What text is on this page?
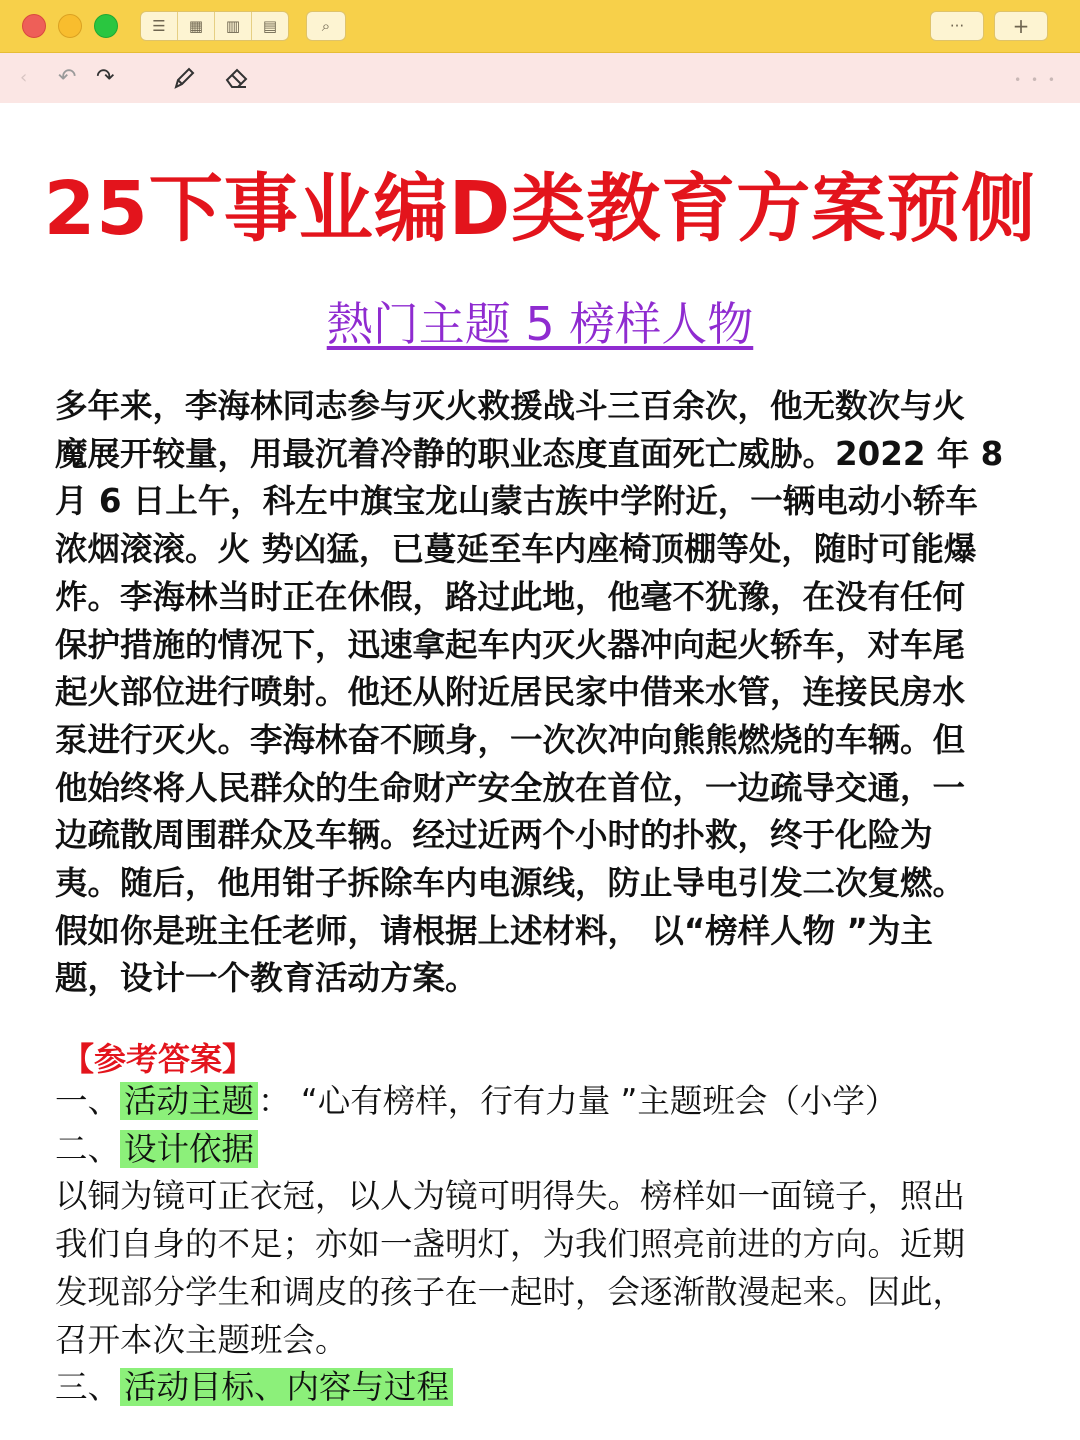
☰	▦	▥	▤	⌕	··· +
‹ ↶ ↷	• • •
25下事业编D类教育方案预侧
熱门主题 5 榜样人物
多年来，李海林同志参与灭火救援战斗三百余次，他无数次与火
魔展开较量，用最沉着冷静的职业态度直面死亡威胁。2022 年 8
月 6 日上午，科左中旗宝龙山蒙古族中学附近，一辆电动小轿车
浓烟滚滚。火 势凶猛，已蔓延至车内座椅顶棚等处，随时可能爆
炸。李海林当时正在休假，路过此地，他毫不犹豫，在没有任何
保护措施的情况下，迅速拿起车内灭火器冲向起火轿车，对车尾
起火部位进行喷射。他还从附近居民家中借来水管，连接民房水
泵进行灭火。李海林奋不顾身，一次次冲向熊熊燃烧的车辆。但
他始终将人民群众的生命财产安全放在首位，一边疏导交通，一
边疏散周围群众及车辆。经过近两个小时的扑救，终于化险为
夷。随后，他用钳子拆除车内电源线，防止导电引发二次复燃。
假如你是班主任老师，请根据上述材料， 以“榜样人物 ”为主
题，设计一个教育活动方案。
【参考答案】
一、 活动主题 ： “心有榜样，行有力量 ”主题班会（小学）
二、 设计依据
以铜为镜可正衣冠，以人为镜可明得失。榜样如一面镜子，照出
我们自身的不足；亦如一盏明灯，为我们照亮前进的方向。近期
发现部分学生和调皮的孩子在一起时，会逐渐散漫起来。因此，
召开本次主题班会。
三、 活动目标、内容与过程
